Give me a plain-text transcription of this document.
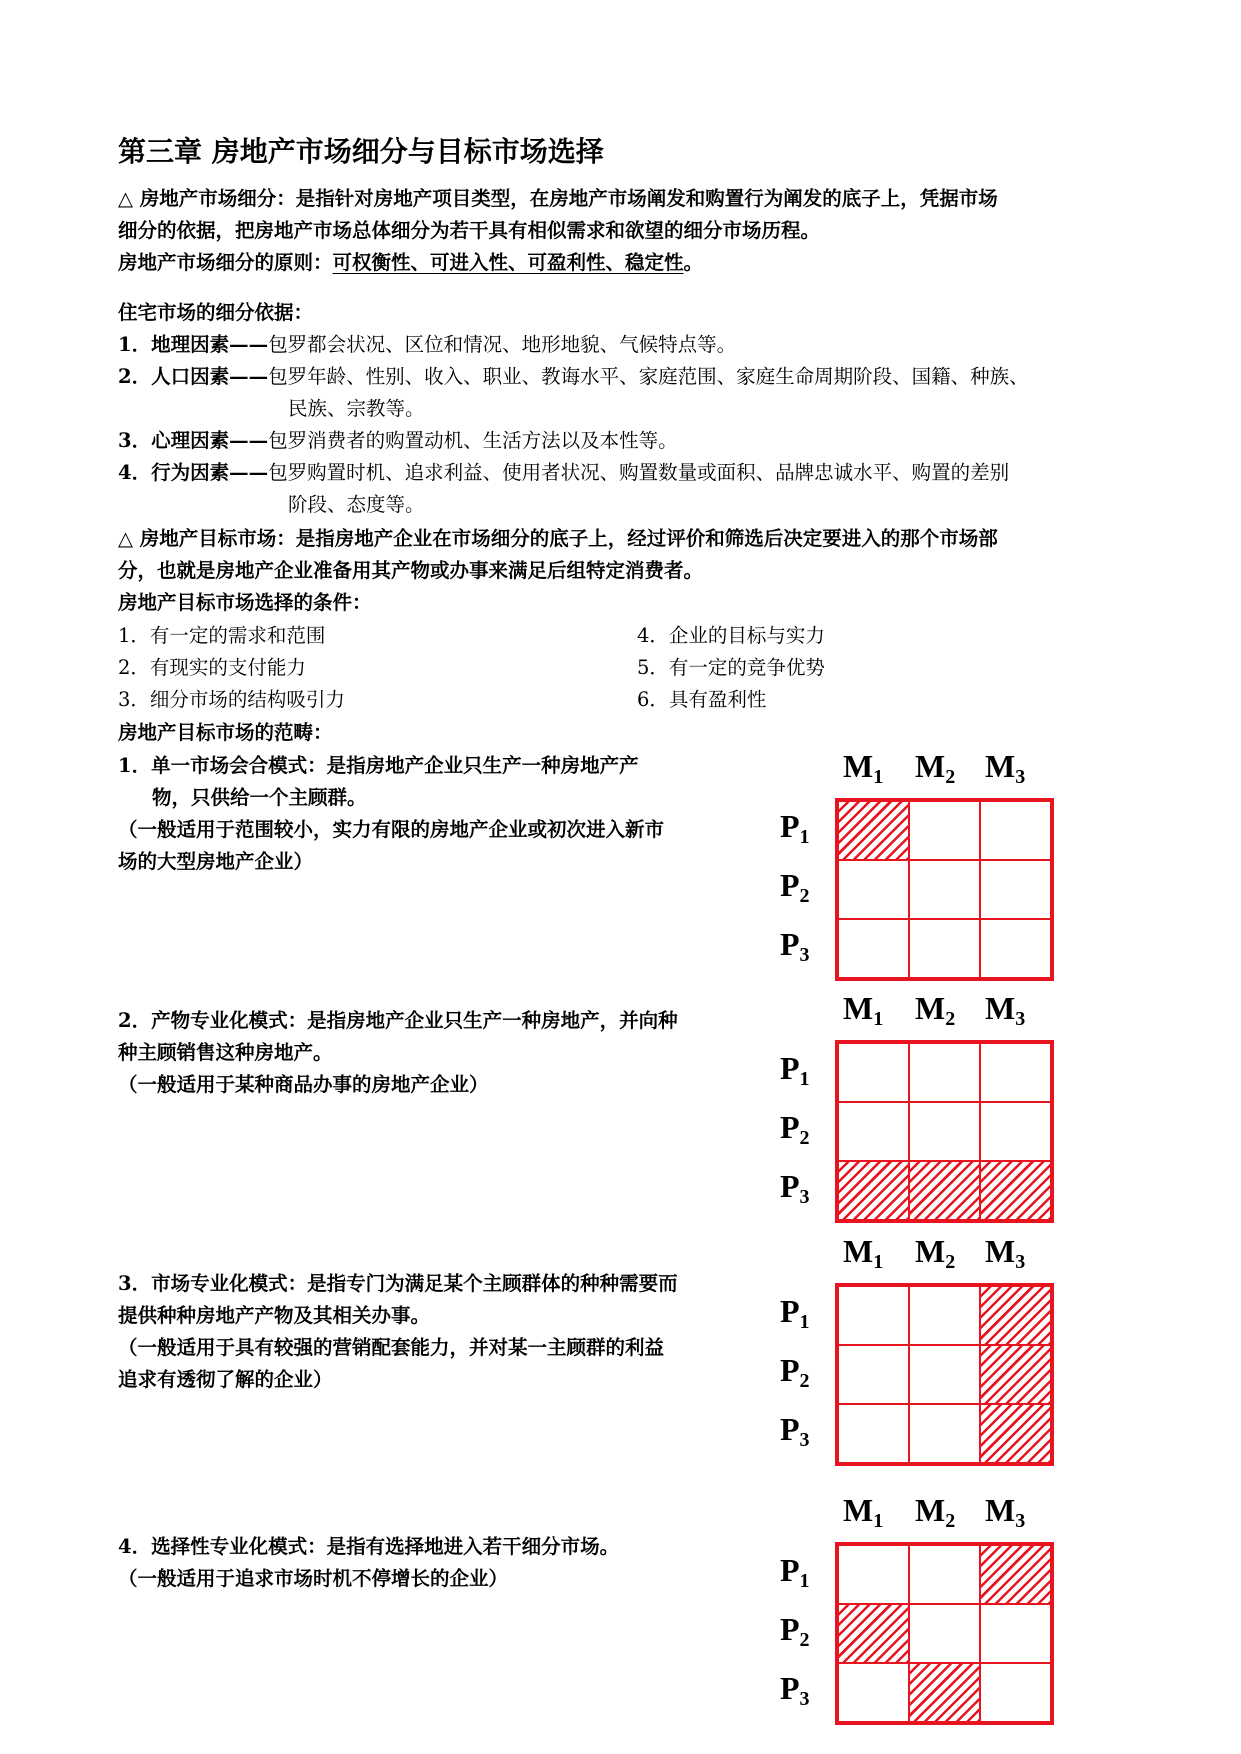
第三章 房地产市场细分与目标市场选择
△ 房地产市场细分：是指针对房地产项目类型，在房地产市场阐发和购置行为阐发的底子上，凭据市场
细分的依据，把房地产市场总体细分为若干具有相似需求和欲望的细分市场历程。
房地产市场细分的原则：可权衡性、可进入性、可盈利性、稳定性。
住宅市场的细分依据：
1．地理因素——包罗都会状况、区位和情况、地形地貌、气候特点等。
2．人口因素——包罗年龄、性别、收入、职业、教诲水平、家庭范围、家庭生命周期阶段、国籍、种族、
民族、宗教等。
3．心理因素——包罗消费者的购置动机、生活方法以及本性等。
4．行为因素——包罗购置时机、追求利益、使用者状况、购置数量或面积、品牌忠诚水平、购置的差别
阶段、态度等。
△ 房地产目标市场：是指房地产企业在市场细分的底子上，经过评价和筛选后决定要进入的那个市场部
分，也就是房地产企业准备用其产物或办事来满足后组特定消费者。
房地产目标市场选择的条件：
1．有一定的需求和范围
2．有现实的支付能力
3．细分市场的结构吸引力
4．企业的目标与实力
5．有一定的竞争优势
6．具有盈利性
房地产目标市场的范畴：
1．单一市场会合模式：是指房地产企业只生产一种房地产产
物，只供给一个主顾群。
（一般适用于范围较小，实力有限的房地产企业或初次进入新市
场的大型房地产企业）
2．产物专业化模式：是指房地产企业只生产一种房地产，并向种
种主顾销售这种房地产。
（一般适用于某种商品办事的房地产企业）
3．市场专业化模式：是指专门为满足某个主顾群体的种种需要而
提供种种房地产产物及其相关办事。
（一般适用于具有较强的营销配套能力，并对某一主顾群的利益
追求有透彻了解的企业）
4．选择性专业化模式：是指有选择地进入若干细分市场。
（一般适用于追求市场时机不停增长的企业）
$M_1$ $M_2$ $M_3$
$P_1$
$P_2$
$P_3$
$M_1$ $M_2$ $M_3$
$P_1$
$P_2$
$P_3$
$M_1$ $M_2$ $M_3$
$P_1$
$P_2$
$P_3$
$M_1$ $M_2$ $M_3$
$P_1$
$P_2$
$P_3$
